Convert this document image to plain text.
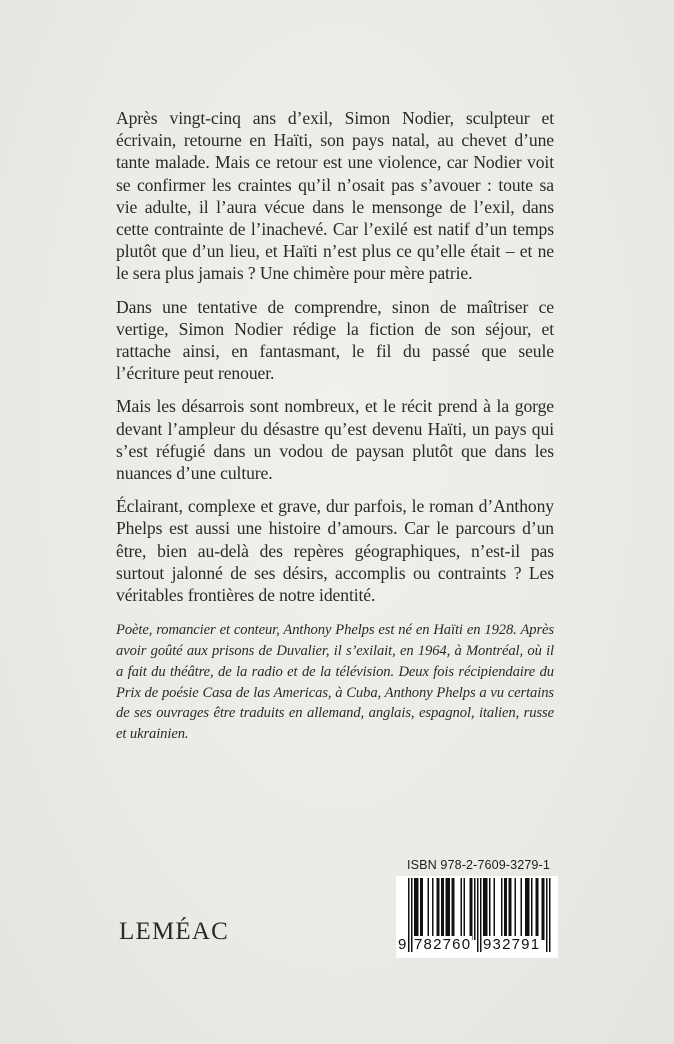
Après vingt-cinq ans d’exil, Simon Nodier, sculpteur et écrivain, retourne en Haïti, son pays natal, au chevet d’une tante malade. Mais ce retour est une violence, car Nodier voit se confirmer les craintes qu’il n’osait pas s’avouer : toute sa vie adulte, il l’aura vécue dans le mensonge de l’exil, dans cette contrainte de l’inachevé. Car l’exilé est natif d’un temps plutôt que d’un lieu, et Haïti n’est plus ce qu’elle était – et ne le sera plus jamais ? Une chimère pour mère patrie.

Dans une tentative de comprendre, sinon de maîtriser ce vertige, Simon Nodier rédige la fiction de son séjour, et rattache ainsi, en fantasmant, le fil du passé que seule l’écriture peut renouer.

Mais les désarrois sont nombreux, et le récit prend à la gorge devant l’ampleur du désastre qu’est devenu Haïti, un pays qui s’est réfugié dans un vodou de paysan plutôt que dans les nuances d’une culture.

Éclairant, complexe et grave, dur parfois, le roman d’Anthony Phelps est aussi une histoire d’amours. Car le parcours d’un être, bien au-delà des repères géographiques, n’est-il pas surtout jalonné de ses désirs, accomplis ou contraints ? Les véritables frontières de notre identité.

Poète, romancier et conteur, Anthony Phelps est né en Haïti en 1928. Après avoir goûté aux prisons de Duvalier, il s’exilait, en 1964, à Montréal, où il a fait du théâtre, de la radio et de la télévision. Deux fois récipiendaire du Prix de poésie Casa de las Americas, à Cuba, Anthony Phelps a vu certains de ses ouvrages être traduits en allemand, anglais, espagnol, italien, russe et ukrainien.

LEMÉAC
ISBN 978-2-7609-3279-1
9 782760 932791
